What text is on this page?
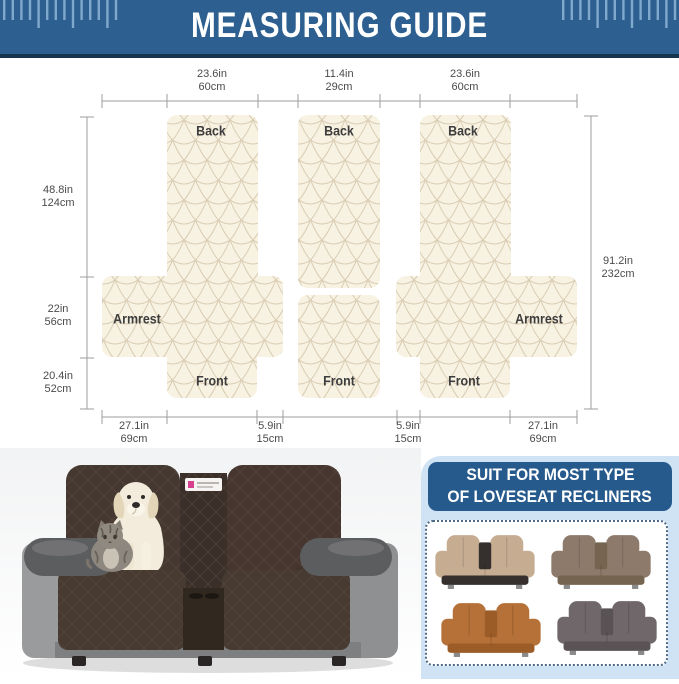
MEASURING GUIDE
Back	Back	Back
Armrest	Armrest
Front	Front	Front
23.6in
60cm
11.4in
29cm
23.6in
60cm
48.8in
124cm
22in
56cm
20.4in
52cm
91.2in
232cm
27.1in
69cm
5.9in
15cm
5.9in
15cm
27.1in
69cm
SUIT FOR MOST TYPE
OF LOVESEAT RECLINERS
